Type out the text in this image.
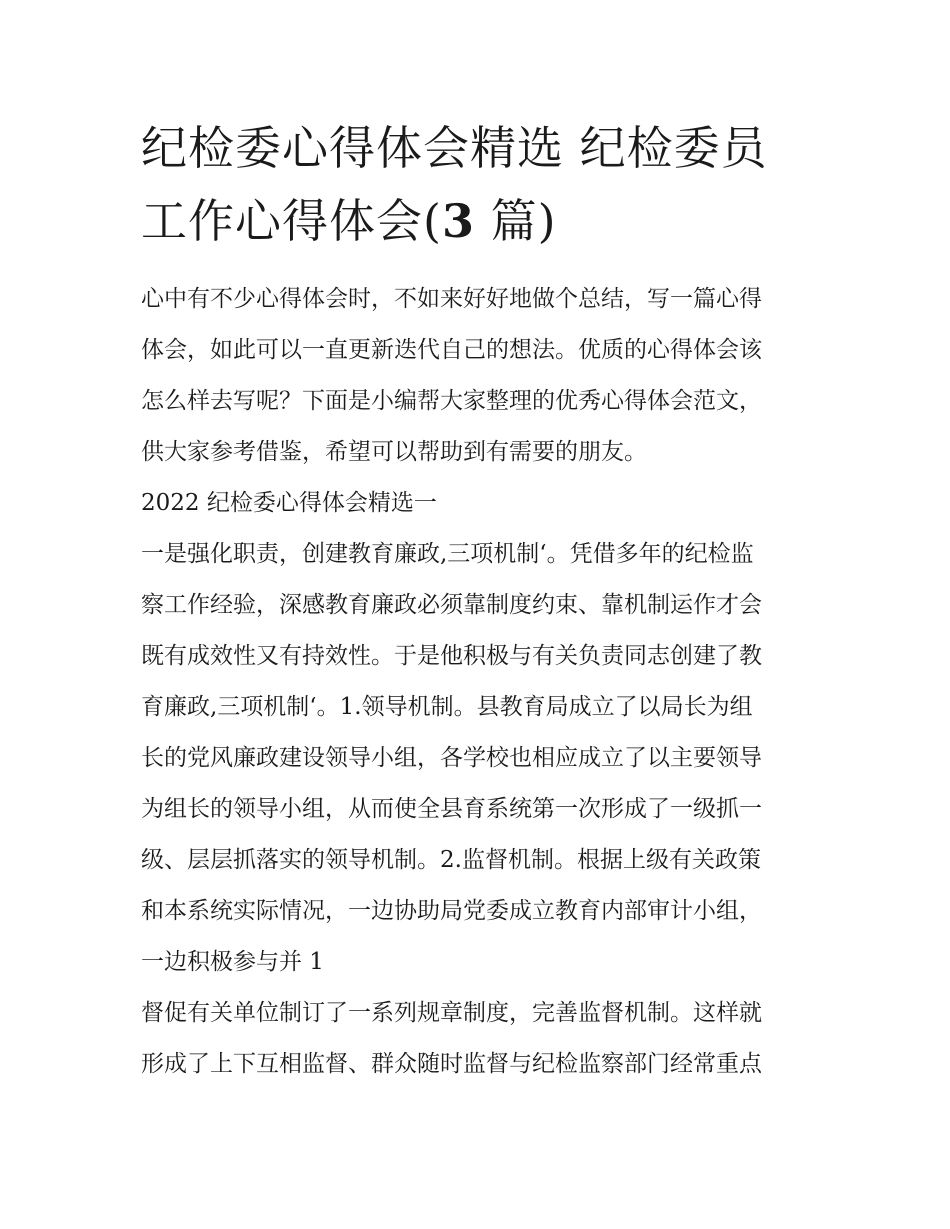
纪检委心得体会精选 纪检委员
工作心得体会(3 篇)
心中有不少心得体会时，不如来好好地做个总结，写一篇心得
体会，如此可以一直更新迭代自己的想法。优质的心得体会该
怎么样去写呢？下面是小编帮大家整理的优秀心得体会范文，
供大家参考借鉴，希望可以帮助到有需要的朋友。
2022 纪检委心得体会精选一
一是强化职责，创建教育廉政,三项机制‘。凭借多年的纪检监
察工作经验，深感教育廉政必须靠制度约束、靠机制运作才会
既有成效性又有持效性。于是他积极与有关负责同志创建了教
育廉政,三项机制‘。1.领导机制。县教育局成立了以局长为组
长的党风廉政建设领导小组，各学校也相应成立了以主要领导
为组长的领导小组，从而使全县育系统第一次形成了一级抓一
级、层层抓落实的领导机制。2.监督机制。根据上级有关政策
和本系统实际情况，一边协助局党委成立教育内部审计小组，
一边积极参与并 1
督促有关单位制订了一系列规章制度，完善监督机制。这样就
形成了上下互相监督、群众随时监督与纪检监察部门经常重点
